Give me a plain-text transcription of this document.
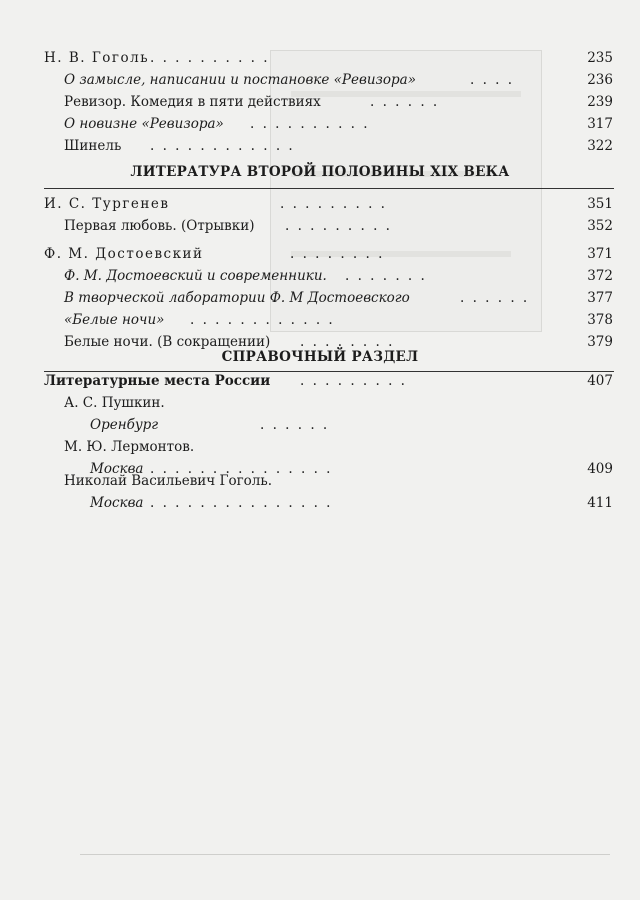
Н. В. Гоголь . . . . . . . . . .	235
О замысле, написании и постановке «Ревизора»	. . . .	236
Ревизор. Комедия в пяти действиях	. . . . . .	239
О новизне «Ревизора» . . . . . . . . . .	317
Шинель . . . . . . . . . . . .	322
ЛИТЕРАТУРА ВТОРОЙ ПОЛОВИНЫ XIX ВЕКА
И. С. Тургенев	. . . . . . . . .	351
Первая любовь. (Отрывки) . . . . . . . . .	352
Ф. М. Достоевский	. . . . . . . .	371
Ф. М. Достоевский и современники. . . . . . . .	372
В творческой лаборатории Ф. М Достоевского	. . . . . .	377
«Белые ночи» . . . . . . . . . . . .	378
Белые ночи. (В сокращении) . . . . . . . .	379
СПРАВОЧНЫЙ РАЗДЕЛ
Литературные места России . . . . . . . . .	407
А. С. Пушкин.
Оренбург	. . . . . .
М. Ю. Лермонтов.
Москва . . . . . . . . . . . . . . .	409
Николай Васильевич Гоголь.
Москва . . . . . . . . . . . . . . .	411
